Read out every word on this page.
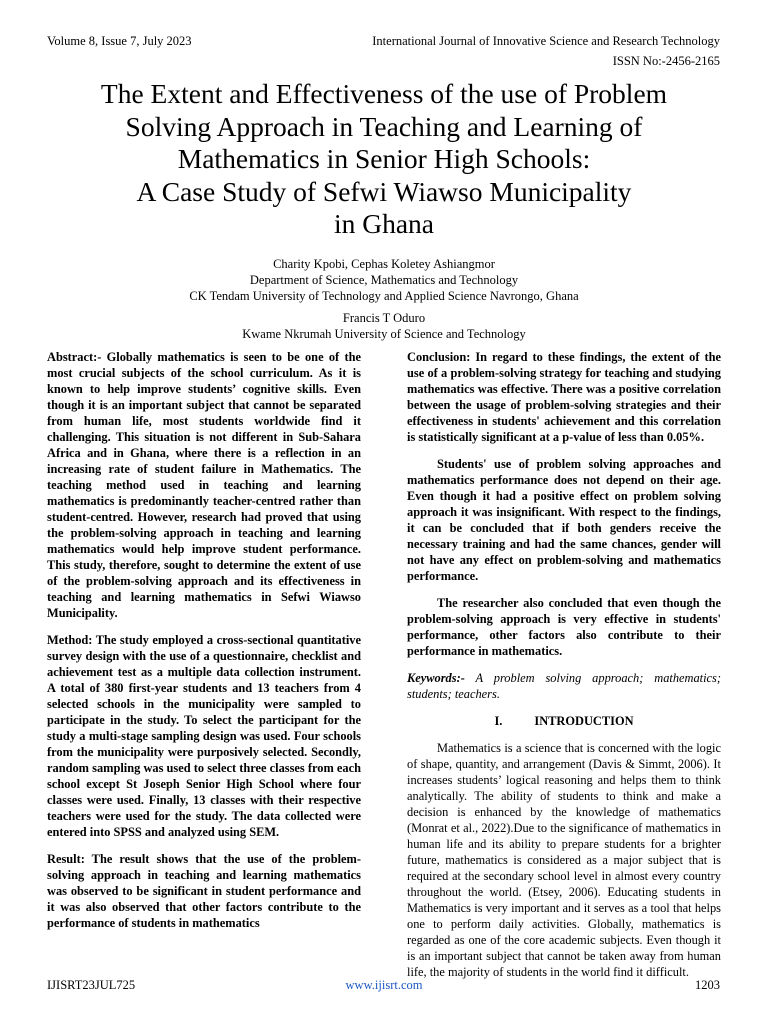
Volume 8, Issue 7, July 2023	International Journal of Innovative Science and Research Technology
ISSN No:-2456-2165
The Extent and Effectiveness of the use of Problem
Solving Approach in Teaching and Learning of
Mathematics in Senior High Schools:
A Case Study of Sefwi Wiawso Municipality
in Ghana
Charity Kpobi, Cephas Koletey Ashiangmor
Department of Science, Mathematics and Technology
CK Tendam University of Technology and Applied Science Navrongo, Ghana
Francis T Oduro
Kwame Nkrumah University of Science and Technology

Abstract:- Globally mathematics is seen to be one of the most crucial subjects of the school curriculum. As it is known to help improve students’ cognitive skills. Even though it is an important subject that cannot be separated from human life, most students worldwide find it challenging. This situation is not different in Sub-Sahara Africa and in Ghana, where there is a reflection in an increasing rate of student failure in Mathematics. The teaching method used in teaching and learning mathematics is predominantly teacher-centred rather than student-centred. However, research had proved that using the problem-solving approach in teaching and learning mathematics would help improve student performance. This study, therefore, sought to determine the extent of use of the problem-solving approach and its effectiveness in teaching and learning mathematics in Sefwi Wiawso Municipality.

Method: The study employed a cross-sectional quantitative survey design with the use of a questionnaire, checklist and achievement test as a multiple data collection instrument. A total of 380 first-year students and 13 teachers from 4 selected schools in the municipality were sampled to participate in the study. To select the participant for the study a multi-stage sampling design was used. Four schools from the municipality were purposively selected. Secondly, random sampling was used to select three classes from each school except St Joseph Senior High School where four classes were used. Finally, 13 classes with their respective teachers were used for the study. The data collected were entered into SPSS and analyzed using SEM.

Result: The result shows that the use of the problem-solving approach in teaching and learning mathematics was observed to be significant in student performance and it was also observed that other factors contribute to the performance of students in mathematics

Conclusion: In regard to these findings, the extent of the use of a problem-solving strategy for teaching and studying mathematics was effective. There was a positive correlation between the usage of problem-solving strategies and their effectiveness in students' achievement and this correlation is statistically significant at a p-value of less than 0.05%.

Students' use of problem solving approaches and mathematics performance does not depend on their age. Even though it had a positive effect on problem solving approach it was insignificant. With respect to the findings, it can be concluded that if both genders receive the necessary training and had the same chances, gender will not have any effect on problem-solving and mathematics performance.

The researcher also concluded that even though the problem-solving approach is very effective in students' performance, other factors also contribute to their performance in mathematics.

Keywords:- A problem solving approach; mathematics; students; teachers.

I.	INTRODUCTION

Mathematics is a science that is concerned with the logic of shape, quantity, and arrangement (Davis & Simmt, 2006). It increases students’ logical reasoning and helps them to think analytically. The ability of students to think and make a decision is enhanced by the knowledge of mathematics (Monrat et al., 2022).Due to the significance of mathematics in human life and its ability to prepare students for a brighter future, mathematics is considered as a major subject that is required at the secondary school level in almost every country throughout the world. (Etsey, 2006). Educating students in Mathematics is very important and it serves as a tool that helps one to perform daily activities. Globally, mathematics is regarded as one of the core academic subjects. Even though it is an important subject that cannot be taken away from human life, the majority of students in the world find it difficult.

IJISRT23JUL725	www.ijisrt.com	1203
